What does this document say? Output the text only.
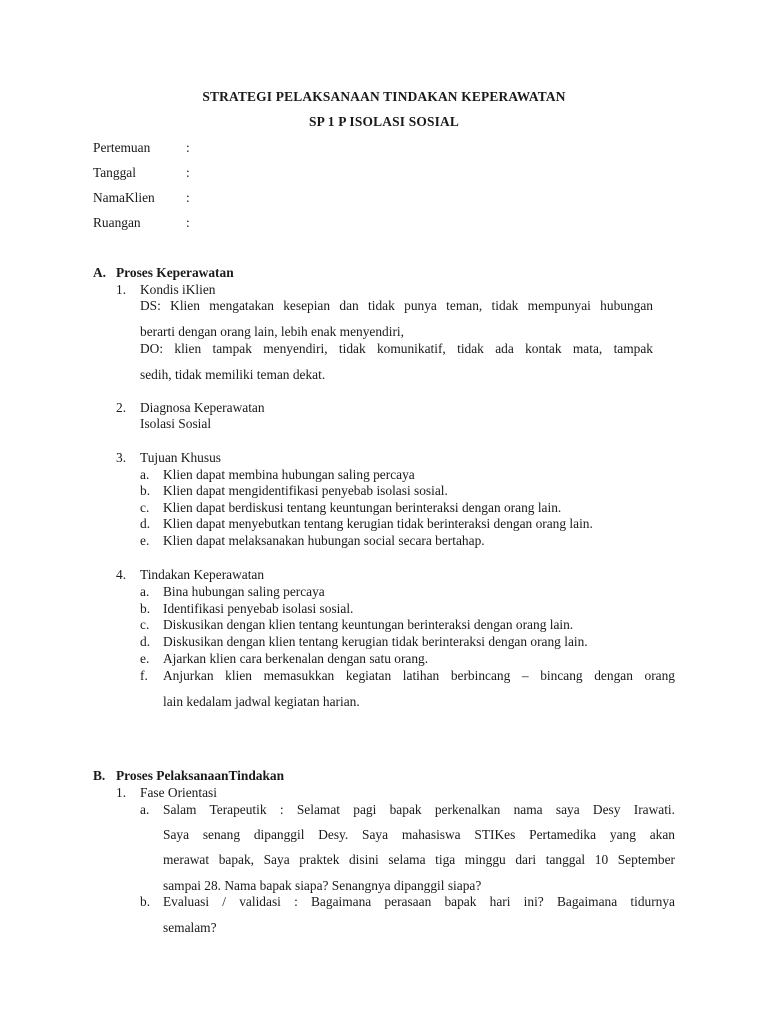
STRATEGI PELAKSANAAN TINDAKAN KEPERAWATAN
SP 1 P ISOLASI SOSIAL
Pertemuan	:
Tanggal	:
NamaKlien :
Ruangan	:
A. Proses Keperawatan
1. Kondis iKlien
DS: Klien mengatakan kesepian dan tidak punya teman, tidak mempunyai hubungan
berarti dengan orang lain, lebih enak menyendiri,
DO: klien tampak menyendiri, tidak komunikatif, tidak ada kontak mata, tampak
sedih, tidak memiliki teman dekat.
2. Diagnosa Keperawatan
Isolasi Sosial
3. Tujuan Khusus
a. Klien dapat membina hubungan saling percaya
b. Klien dapat mengidentifikasi penyebab isolasi sosial.
c. Klien dapat berdiskusi tentang keuntungan berinteraksi dengan orang lain.
d. Klien dapat menyebutkan tentang kerugian tidak berinteraksi dengan orang lain.
e. Klien dapat melaksanakan hubungan social secara bertahap.
4. Tindakan Keperawatan
a. Bina hubungan saling percaya
b. Identifikasi penyebab isolasi sosial.
c. Diskusikan dengan klien tentang keuntungan berinteraksi dengan orang lain.
d. Diskusikan dengan klien tentang kerugian tidak berinteraksi dengan orang lain.
e. Ajarkan klien cara berkenalan dengan satu orang.
f. Anjurkan klien memasukkan kegiatan latihan berbincang – bincang dengan orang
lain kedalam jadwal kegiatan harian.
B. Proses PelaksanaanTindakan
1. Fase Orientasi
a. Salam Terapeutik : Selamat pagi bapak perkenalkan nama saya Desy Irawati.
Saya senang dipanggil Desy. Saya mahasiswa STIKes Pertamedika yang akan
merawat bapak, Saya praktek disini selama tiga minggu dari tanggal 10 September
sampai 28. Nama bapak siapa? Senangnya dipanggil siapa?
b. Evaluasi / validasi : Bagaimana perasaan bapak hari ini? Bagaimana tidurnya
semalam?
